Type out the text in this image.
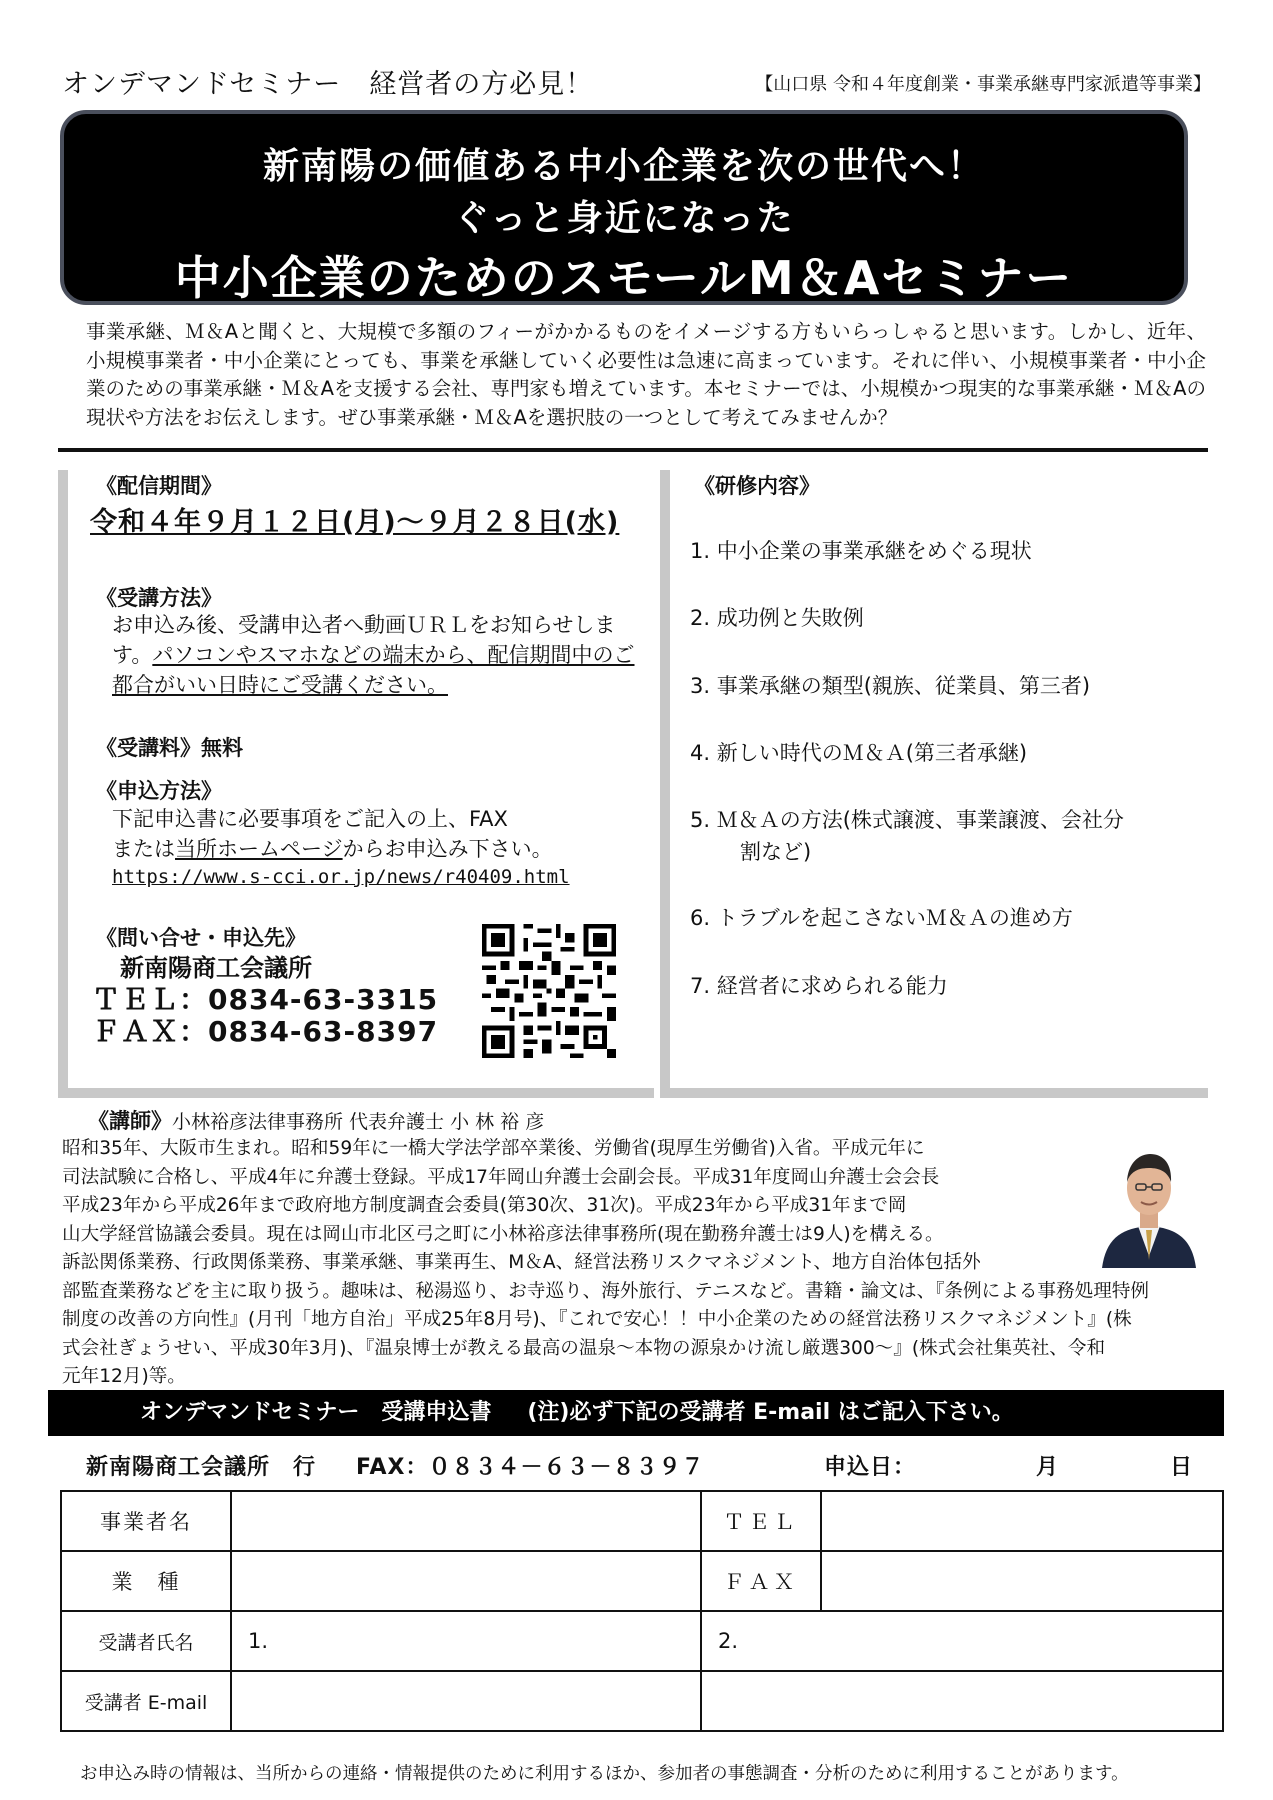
オンデマンドセミナー　経営者の方必見！	【山口県 令和４年度創業・事業承継専門家派遣等事業】
新南陽の価値ある中小企業を次の世代へ！
ぐっと身近になった
中小企業のためのスモールM＆Aセミナー
事業承継、Ｍ＆Aと聞くと、大規模で多額のフィーがかかるものをイメージする方もいらっしゃると思います。しかし、近年、小規模事業者・中小企業にとっても、事業を承継していく必要性は急速に高まっています。それに伴い、小規模事業者・中小企業のための事業承継・Ｍ＆Aを支援する会社、専門家も増えています。本セミナーでは、小規模かつ現実的な事業承継・Ｍ＆Aの現状や方法をお伝えします。ぜひ事業承継・Ｍ＆Aを選択肢の一つとして考えてみませんか？
《配信期間》
令和４年９月１２日(月)～９月２８日(水)
《受講方法》
お申込み後、受講申込者へ動画ＵＲＬをお知らせします。パソコンやスマホなどの端末から、配信期間中のご都合がいい日時にご受講ください。
《受講料》無料
《申込方法》
下記申込書に必要事項をご記入の上、FAX
または当所ホームページからお申込み下さい。
https://www.s-cci.or.jp/news/r40409.html
《問い合せ・申込先》
新南陽商工会議所
ＴＥＬ：0834-63-3315
ＦＡＸ：0834-63-8397
《研修内容》
1. 中小企業の事業承継をめぐる現状
2. 成功例と失敗例
3. 事業承継の類型(親族、従業員、第三者)
4. 新しい時代のＭ＆Ａ(第三者承継)
5. Ｍ＆Ａの方法(株式譲渡、事業譲渡、会社分
割など)
6. トラブルを起こさないＭ＆Ａの進め方
7. 経営者に求められる能力
《講師》小林裕彦法律事務所 代表弁護士 小 林 裕 彦
昭和35年、大阪市生まれ。昭和59年に一橋大学法学部卒業後、労働省(現厚生労働省)入省。平成元年に
司法試験に合格し、平成4年に弁護士登録。平成17年岡山弁護士会副会長。平成31年度岡山弁護士会会長
平成23年から平成26年まで政府地方制度調査会委員(第30次、31次)。平成23年から平成31年まで岡
山大学経営協議会委員。現在は岡山市北区弓之町に小林裕彦法律事務所(現在勤務弁護士は9人)を構える。
訴訟関係業務、行政関係業務、事業承継、事業再生、M＆A、経営法務リスクマネジメント、地方自治体包括外
部監査業務などを主に取り扱う。趣味は、秘湯巡り、お寺巡り、海外旅行、テニスなど。書籍・論文は、『条例による事務処理特例
制度の改善の方向性』(月刊「地方自治」平成25年8月号)、『これで安心！！中小企業のための経営法務リスクマネジメント』(株
式会社ぎょうせい、平成30年3月)、『温泉博士が教える最高の温泉～本物の源泉かけ流し厳選300～』(株式会社集英社、令和
元年12月)等。
オンデマンドセミナー　受講申込書 (注)必ず下記の受講者 E-mail はご記入下さい。
新南陽商工会議所　行 FAX：０８３４－６３－８３９７	申込日：	月	日
事業者名		ＴＥＬ	
業　種		ＦＡＸ	
受講者氏名	1.	2.	
受講者 E-mail			
お申込み時の情報は、当所からの連絡・情報提供のために利用するほか、参加者の事態調査・分析のために利用することがあります。
